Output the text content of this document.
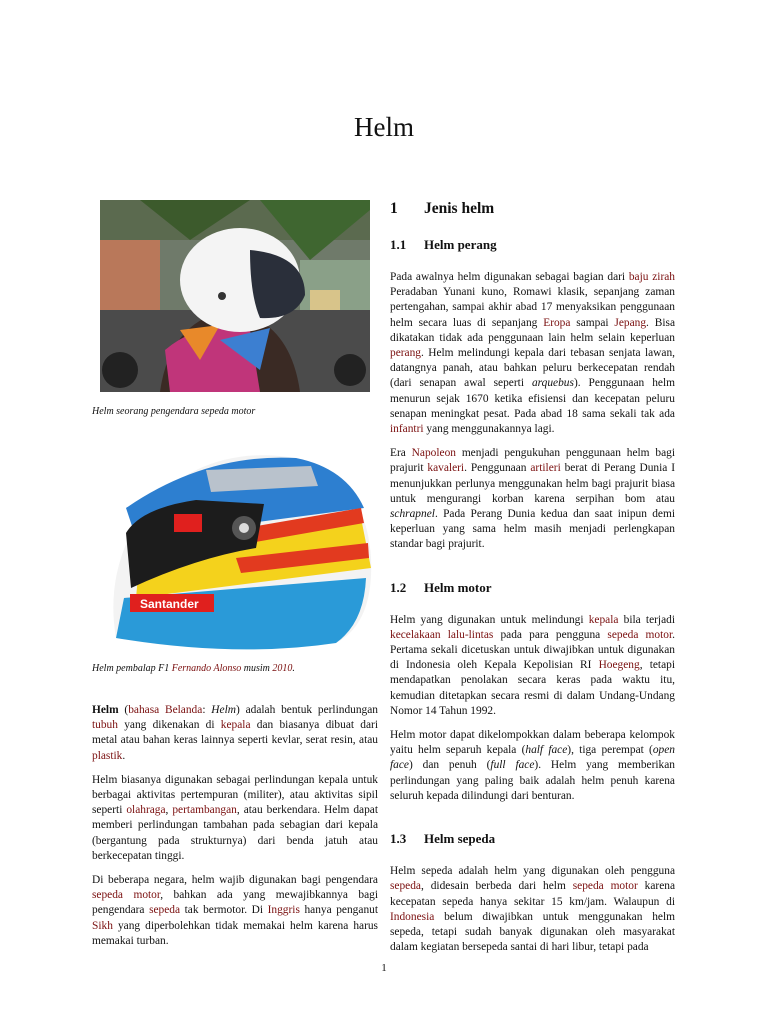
Helm

Helm seorang pengendara sepeda motor

Santander

Helm pembalap F1 Fernando Alonso musim 2010.

Helm (bahasa Belanda: Helm) adalah bentuk perlindungan tubuh yang dikenakan di kepala dan biasanya dibuat dari metal atau bahan keras lainnya seperti kevlar, serat resin, atau plastik.

Helm biasanya digunakan sebagai perlindungan kepala untuk berbagai aktivitas pertempuran (militer), atau aktivitas sipil seperti olahraga, pertambangan, atau berkendara. Helm dapat memberi perlindungan tambahan pada sebagian dari kepala (bergantung pada strukturnya) dari benda jatuh atau berkecepatan tinggi.

Di beberapa negara, helm wajib digunakan bagi pengendara sepeda motor, bahkan ada yang mewajibkannya bagi pengendara sepeda tak bermotor. Di Inggris hanya penganut Sikh yang diperbolehkan tidak memakai helm karena harus memakai turban.

1 Jenis helm
1.1 Helm perang

Pada awalnya helm digunakan sebagai bagian dari baju zirah Peradaban Yunani kuno, Romawi klasik, sepanjang zaman pertengahan, sampai akhir abad 17 menyaksikan penggunaan helm secara luas di sepanjang Eropa sampai Jepang. Bisa dikatakan tidak ada penggunaan lain helm selain keperluan perang. Helm melindungi kepala dari tebasan senjata lawan, datangnya panah, atau bahkan peluru berkecepatan rendah (dari senapan awal seperti arquebus). Penggunaan helm menurun sejak 1670 ketika efisiensi dan kecepatan peluru senapan meningkat pesat. Pada abad 18 sama sekali tak ada infantri yang menggunakannya lagi.

Era Napoleon menjadi pengukuhan penggunaan helm bagi prajurit kavaleri. Penggunaan artileri berat di Perang Dunia I menunjukkan perlunya menggunakan helm bagi prajurit biasa untuk mengurangi korban karena serpihan bom atau schrapnel. Pada Perang Dunia kedua dan saat inipun demi keperluan yang sama helm masih menjadi perlengkapan standar bagi prajurit.

1.2 Helm motor

Helm yang digunakan untuk melindungi kepala bila terjadi kecelakaan lalu-lintas pada para pengguna sepeda motor. Pertama sekali dicetuskan untuk diwajibkan untuk digunakan di Indonesia oleh Kepala Kepolisian RI Hoegeng, tetapi mendapatkan penolakan secara keras pada waktu itu, kemudian ditetapkan secara resmi di dalam Undang-Undang Nomor 14 Tahun 1992.

Helm motor dapat dikelompokkan dalam beberapa kelompok yaitu helm separuh kepala (half face), tiga perempat (open face) dan penuh (full face). Helm yang memberikan perlindungan yang paling baik adalah helm penuh karena seluruh kepada dilindungi dari benturan.

1.3 Helm sepeda

Helm sepeda adalah helm yang digunakan oleh pengguna sepeda, didesain berbeda dari helm sepeda motor karena kecepatan sepeda hanya sekitar 15 km/jam. Walaupun di Indonesia belum diwajibkan untuk menggunakan helm sepeda, tetapi sudah banyak digunakan oleh masyarakat dalam kegiatan bersepeda santai di hari libur, tetapi pada

1
